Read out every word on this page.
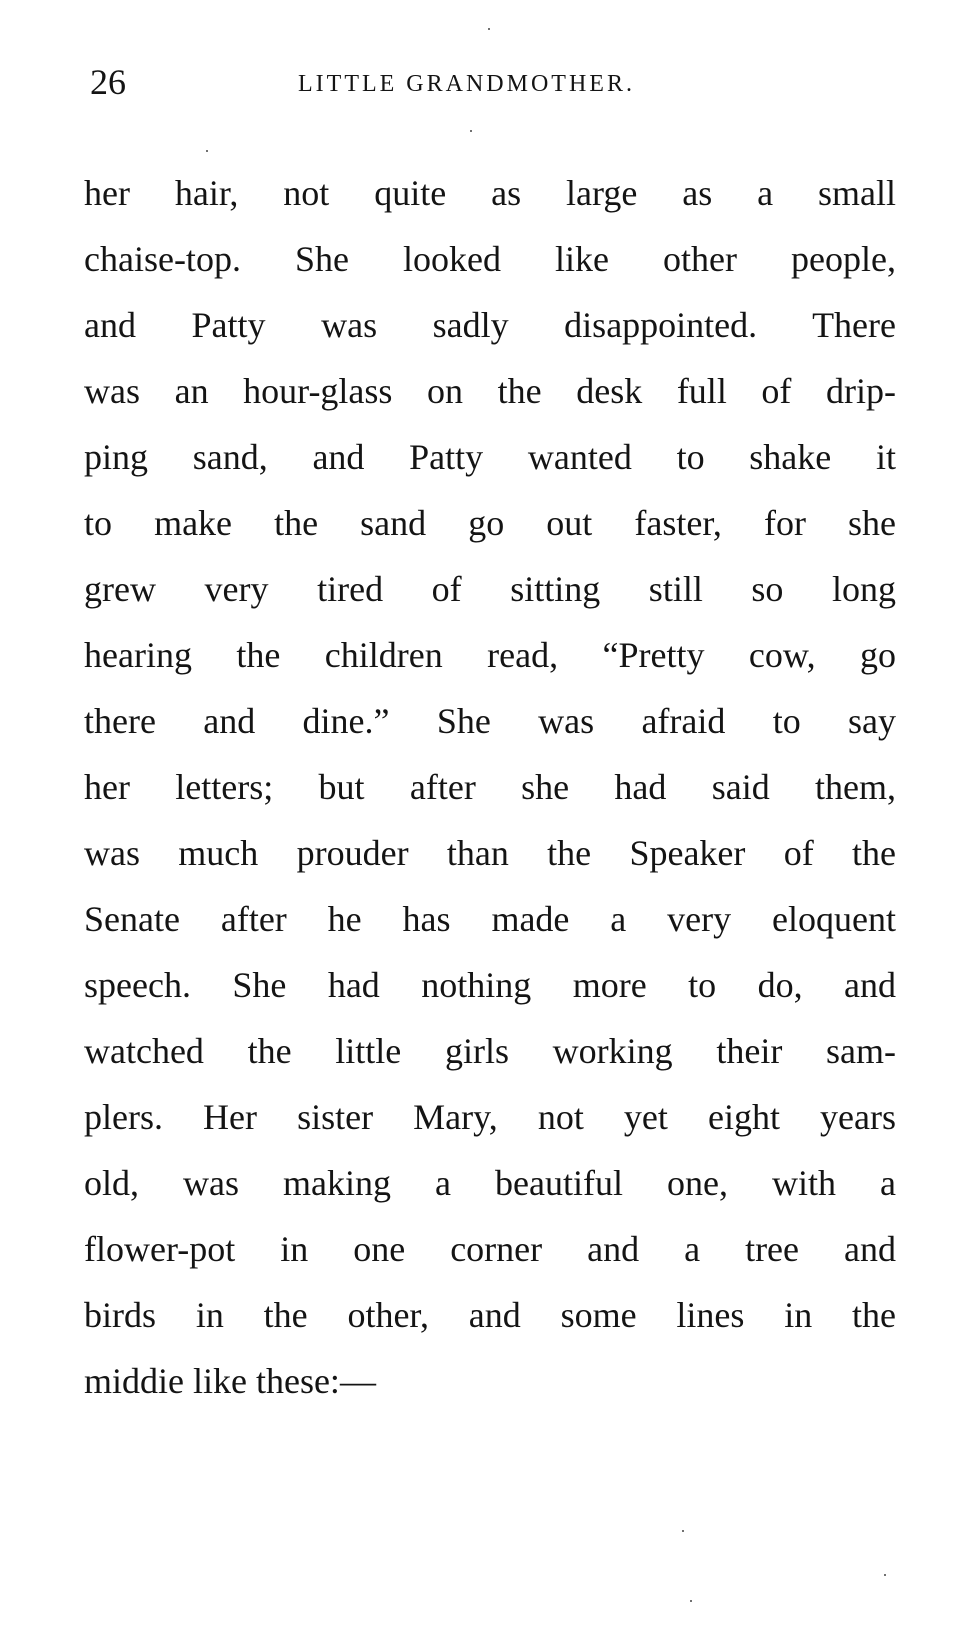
26	LITTLE GRANDMOTHER.
her hair, not quite as large as a small
chaise-top. She looked like other people,
and Patty was sadly disappointed. There
was an hour-glass on the desk full of drip-
ping sand, and Patty wanted to shake it
to make the sand go out faster, for she
grew very tired of sitting still so long
hearing the children read, “Pretty cow, go
there and dine.” She was afraid to say
her letters; but after she had said them,
was much prouder than the Speaker of the
Senate after he has made a very eloquent
speech. She had nothing more to do, and
watched the little girls working their sam-
plers. Her sister Mary, not yet eight years
old, was making a beautiful one, with a
flower-pot in one corner and a tree and
birds in the other, and some lines in the
middie like these:—
